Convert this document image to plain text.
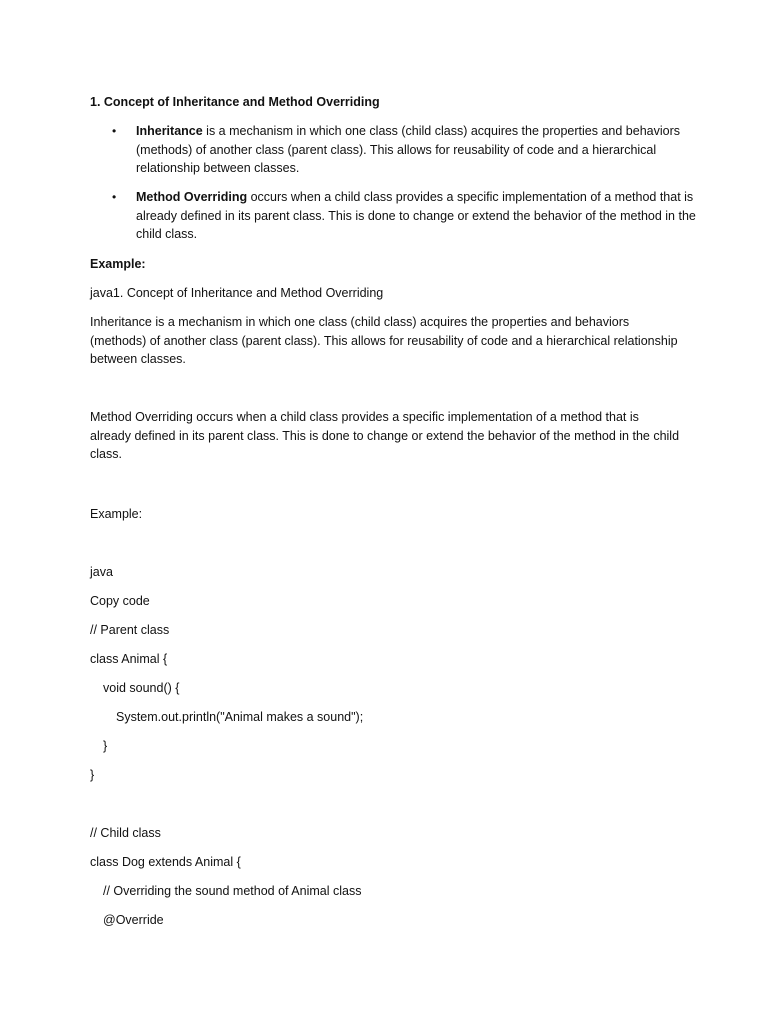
1. Concept of Inheritance and Method Overriding
• Inheritance is a mechanism in which one class (child class) acquires the properties and behaviors (methods) of another class (parent class). This allows for reusability of code and a hierarchical relationship between classes.
• Method Overriding occurs when a child class provides a specific implementation of a method that is already defined in its parent class. This is done to change or extend the behavior of the method in the child class.
Example:
java1. Concept of Inheritance and Method Overriding
Inheritance is a mechanism in which one class (child class) acquires the properties and behaviors (methods) of another class (parent class). This allows for reusability of code and a hierarchical relationship between classes.
Method Overriding occurs when a child class provides a specific implementation of a method that is already defined in its parent class. This is done to change or extend the behavior of the method in the child class.
Example:
java
Copy code
// Parent class
class Animal {
void sound() {
System.out.println("Animal makes a sound");
}
}
// Child class
class Dog extends Animal {
// Overriding the sound method of Animal class
@Override
